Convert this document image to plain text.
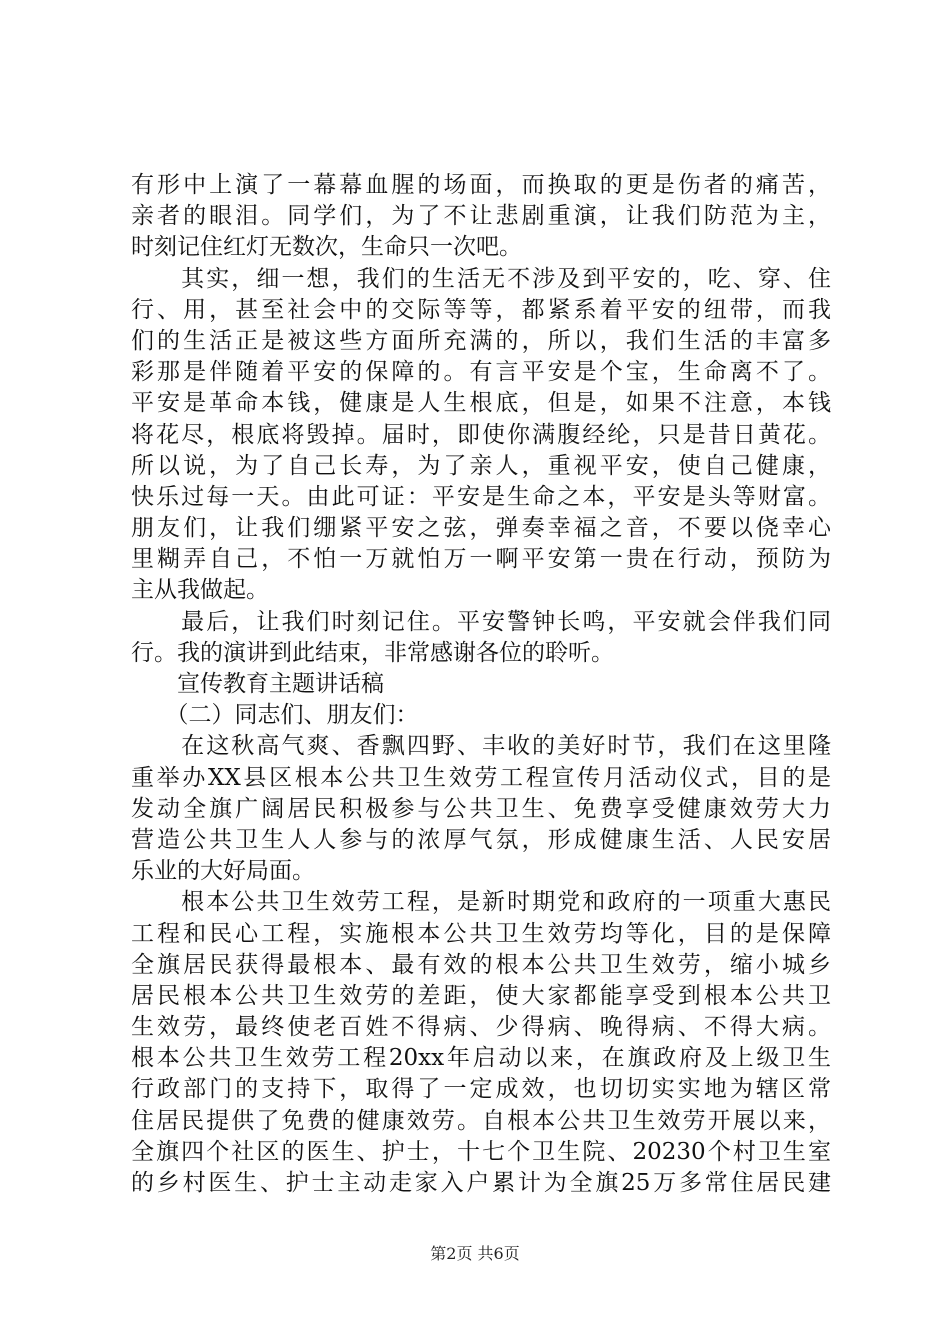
有形中上演了一幕幕血腥的场面，而换取的更是伤者的痛苦，
亲者的眼泪。同学们，为了不让悲剧重演，让我们防范为主，
时刻记住红灯无数次，生命只一次吧。
　　其实，细一想，我们的生活无不涉及到平安的，吃、穿、住
行、用，甚至社会中的交际等等，都紧系着平安的纽带，而我
们的生活正是被这些方面所充满的，所以，我们生活的丰富多
彩那是伴随着平安的保障的。有言平安是个宝，生命离不了。
平安是革命本钱，健康是人生根底，但是，如果不注意，本钱
将花尽，根底将毁掉。届时，即使你满腹经纶，只是昔日黄花。
所以说，为了自己长寿，为了亲人，重视平安，使自己健康，
快乐过每一天。由此可证：平安是生命之本，平安是头等财富。
朋友们，让我们绷紧平安之弦，弹奏幸福之音，不要以侥幸心
里糊弄自己，不怕一万就怕万一啊平安第一贵在行动，预防为
主从我做起。
　　最后，让我们时刻记住。平安警钟长鸣，平安就会伴我们同
行。我的演讲到此结束，非常感谢各位的聆听。
　　宣传教育主题讲话稿
　　（二）同志们、朋友们：
　　在这秋高气爽、香飘四野、丰收的美好时节，我们在这里隆
重举办XX县区根本公共卫生效劳工程宣传月活动仪式，目的是
发动全旗广阔居民积极参与公共卫生、免费享受健康效劳大力
营造公共卫生人人参与的浓厚气氛，形成健康生活、人民安居
乐业的大好局面。
　　根本公共卫生效劳工程，是新时期党和政府的一项重大惠民
工程和民心工程，实施根本公共卫生效劳均等化，目的是保障
全旗居民获得最根本、最有效的根本公共卫生效劳，缩小城乡
居民根本公共卫生效劳的差距，使大家都能享受到根本公共卫
生效劳，最终使老百姓不得病、少得病、晚得病、不得大病。
根本公共卫生效劳工程20xx年启动以来，在旗政府及上级卫生
行政部门的支持下，取得了一定成效，也切切实实地为辖区常
住居民提供了免费的健康效劳。自根本公共卫生效劳开展以来，
全旗四个社区的医生、护士，十七个卫生院、20230个村卫生室
的乡村医生、护士主动走家入户累计为全旗25万多常住居民建
第2页 共6页
